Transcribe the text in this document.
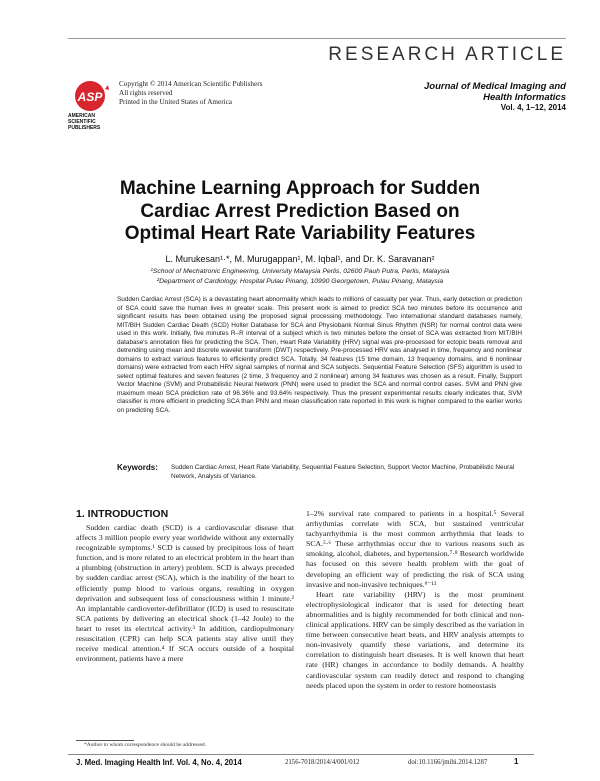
RESEARCH ARTICLE
ASP
AMERICAN
SCIENTIFIC
PUBLISHERS
Copyright © 2014 American Scientific Publishers
All rights reserved
Printed in the United States of America
Journal of Medical Imaging and
Health Informatics
Vol. 4, 1–12, 2014
Machine Learning Approach for Sudden
Cardiac Arrest Prediction Based on
Optimal Heart Rate Variability Features
L. Murukesan¹·*, M. Murugappan¹, M. Iqbal¹, and Dr. K. Saravanan²
¹School of Mechatronic Engineering, University Malaysia Perlis, 02600 Pauh Putra, Perlis, Malaysia
²Department of Cardiology, Hospital Pulau Pinang, 10990 Georgetown, Pulau Pinang, Malaysia
Sudden Cardiac Arrest (SCA) is a devastating heart abnormality which leads to millions of casualty per year. Thus, early detection or prediction of SCA could save the human lives in greater scale. This present work is aimed to predict SCA two minutes before its occurrence and significant results has been obtained using the proposed signal processing methodology. Two international standard databases namely, MIT/BIH Sudden Cardiac Death (SCD) Holter Database for SCA and Physiobank Normal Sinus Rhythm (NSR) for normal control data were used in this work. Initially, five minutes R–R interval of a subject which is two minutes before the onset of SCA was extracted from MIT/BIH database's annotation files for predicting the SCA. Then, Heart Rate Variability (HRV) signal was pre-processed for ectopic beats removal and detrending using mean and discrete wavelet transform (DWT) respectively. Pre-processed HRV was analysed in time, frequency and nonlinear domains to extract various features to efficiently predict SCA. Totally, 34 features (15 time domain, 13 frequency domains, and 6 nonlinear domains) were extracted from each HRV signal samples of normal and SCA subjects. Sequential Feature Selection (SFS) algorithm is used to select optimal features and seven features (2 time, 3 frequency and 2 nonlinear) among 34 features was chosen as a result. Finally, Support Vector Machine (SVM) and Probabilistic Neural Network (PNN) were used to predict the SCA and normal control cases. SVM and PNN give maximum mean SCA prediction rate of 96.36% and 93.64% respectively. Thus the present experimental results clearly indicates that, SVM classifier is more efficient in predicting SCA than PNN and mean classification rate reported in this work is higher compared to the earlier works on predicting SCA.
Keywords: Sudden Cardiac Arrest, Heart Rate Variability, Sequential Feature Selection, Support Vector Machine, Probabilistic Neural Network, Analysis of Variance.
1. INTRODUCTION

Sudden cardiac death (SCD) is a cardiovascular disease that affects 3 million people every year worldwide without any externally recognizable symptoms.¹ SCD is caused by precipitous loss of heart function, and is more related to an electrical problem in the heart than a plumbing (obstruction in artery) problem. SCD is always preceded by sudden cardiac arrest (SCA), which is the inability of the heart to efficiently pump blood to various organs, resulting in oxygen deprivation and subsequent loss of consciousness within 1 minute.² An implantable cardioverter-defibrillator (ICD) is used to resuscitate SCA patients by delivering an electrical shock (1–42 Joule) to the heart to reset its electrical activity.³ In addition, cardiopulmonary resuscitation (CPR) can help SCA patients stay alive until they receive medical attention.⁴ If SCA occurs outside of a hospital environment, patients have a mere

1–2% survival rate compared to patients in a hospital.⁵ Several arrhythmias correlate with SCA, but sustained ventricular tachyarrhythmia is the most common arrhythmia that leads to SCA.⁵·⁶ These arrhythmias occur due to various reasons such as smoking, alcohol, diabetes, and hypertension.⁷·⁸ Research worldwide has focused on this severe health problem with the goal of developing an efficient way of predicting the risk of SCA using invasive and non-invasive techniques.⁹⁻¹³

Heart rate variability (HRV) is the most prominent electrophysiological indicator that is used for detecting heart abnormalities and is highly recommended for both clinical and non-clinical applications. HRV can be simply described as the variation in time between consecutive heart beats, and HRV analysis attempts to non-invasively quantify these variations, and determine its correlation to distinguish heart diseases. It is well known that heart rate (HR) changes in accordance to bodily demands. A healthy cardiovascular system can readily detect and respond to changing needs placed upon the system in order to restore homeostasis

*Author to whom correspondence should be addressed.
J. Med. Imaging Health Inf. Vol. 4, No. 4, 2014	2156-7018/2014/4/001/012	doi:10.1166/jmihi.2014.1287	1
